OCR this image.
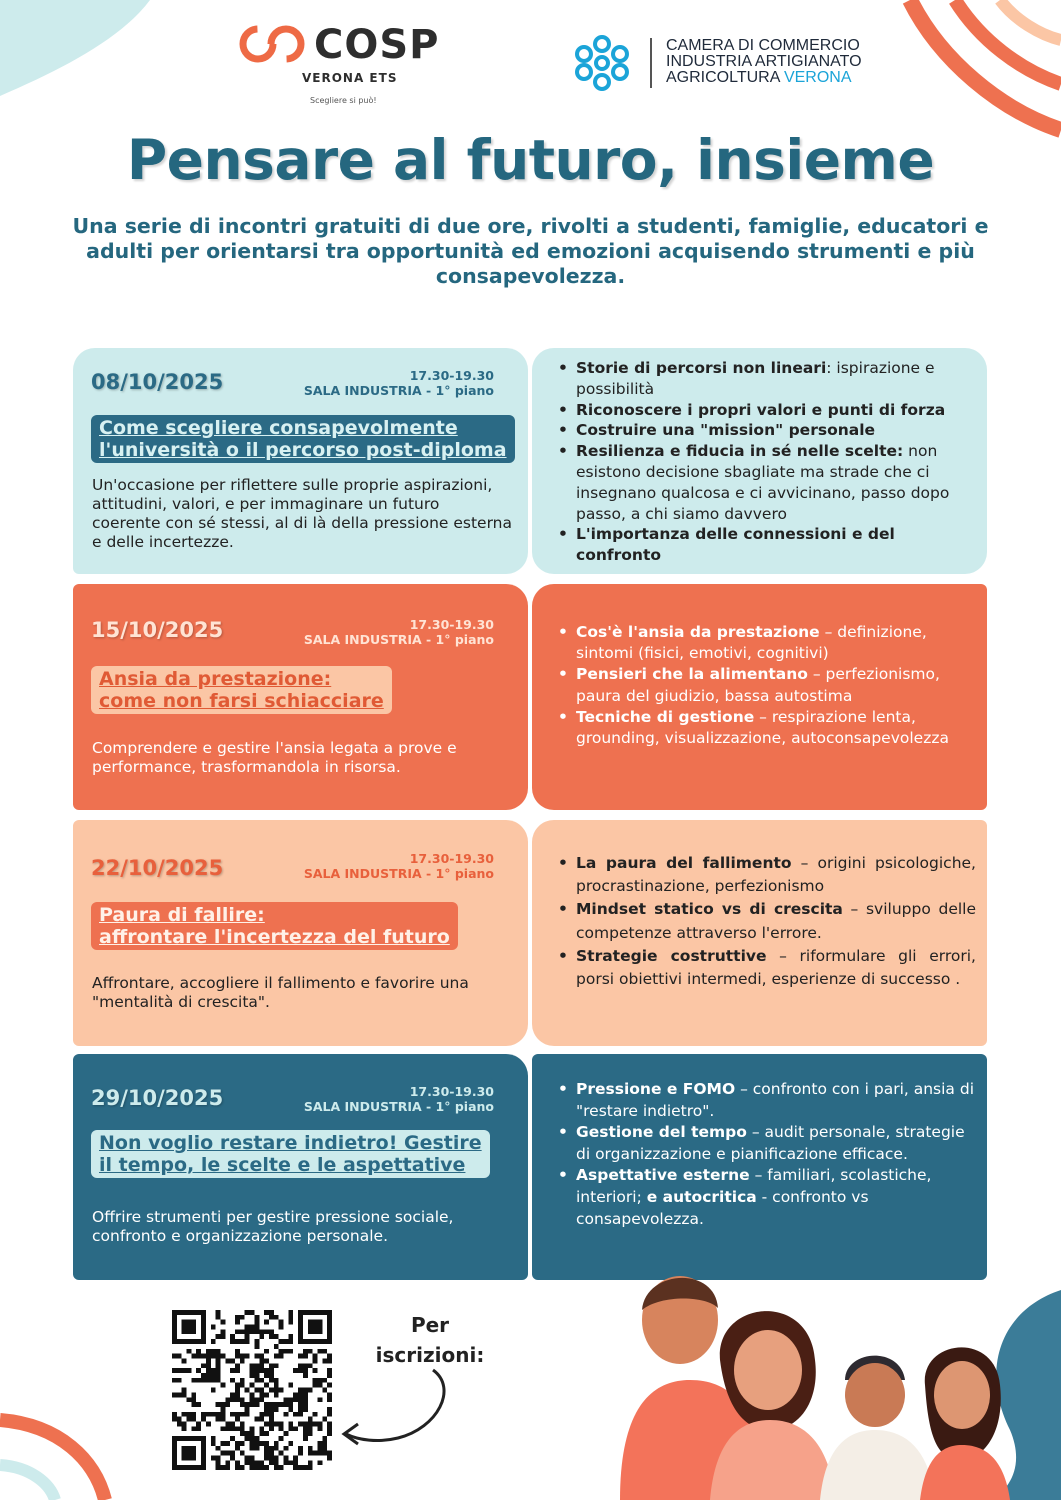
COSP
VERONA ETS
Scegliere si può!
CAMERA DI COMMERCIO
INDUSTRIA ARTIGIANATO
AGRICOLTURA VERONA
Pensare al futuro, insieme

Una serie di incontri gratuiti di due ore, rivolti a studenti, famiglie, educatori e adulti per orientarsi tra opportunità ed emozioni acquisendo strumenti e più consapevolezza.

08/10/2025	17.30-19.30
SALA INDUSTRIA - 1° piano
Come scegliere consapevolmente
l'università o il percorso post-diploma

Un'occasione per riflettere sulle proprie aspirazioni, attitudini, valori, e per immaginare un futuro coerente con sé stessi, al di là della pressione esterna e delle incertezze.

• Storie di percorsi non lineari: ispirazione e possibilità
• Riconoscere i propri valori e punti di forza
• Costruire una "mission" personale
• Resilienza e fiducia in sé nelle scelte: non esistono decisione sbagliate ma strade che ci insegnano qualcosa e ci avvicinano, passo dopo passo, a chi siamo davvero
• L'importanza delle connessioni e del confronto
15/10/2025	17.30-19.30
SALA INDUSTRIA - 1° piano
Ansia da prestazione:
come non farsi schiacciare

Comprendere e gestire l'ansia legata a prove e performance, trasformandola in risorsa.

• Cos'è l'ansia da prestazione – definizione, sintomi (fisici, emotivi, cognitivi)
• Pensieri che la alimentano – perfezionismo, paura del giudizio, bassa autostima
• Tecniche di gestione – respirazione lenta, grounding, visualizzazione, autoconsapevolezza
22/10/2025	17.30-19.30
SALA INDUSTRIA - 1° piano
Paura di fallire:
affrontare l'incertezza del futuro

Affrontare, accogliere il fallimento e favorire una "mentalità di crescita".

• La paura del fallimento – origini psicologiche, procrastinazione, perfezionismo
• Mindset statico vs di crescita – sviluppo delle competenze attraverso l'errore.
• Strategie costruttive – riformulare gli errori, porsi obiettivi intermedi, esperienze di successo .
29/10/2025	17.30-19.30
SALA INDUSTRIA - 1° piano
Non voglio restare indietro! Gestire
il tempo, le scelte e le aspettative

Offrire strumenti per gestire pressione sociale, confronto e organizzazione personale.

• Pressione e FOMO – confronto con i pari, ansia di "restare indietro".
• Gestione del tempo – audit personale, strategie di organizzazione e pianificazione efficace.
• Aspettative esterne – familiari, scolastiche, interiori; e autocritica - confronto vs consapevolezza.
Per
iscrizioni:
